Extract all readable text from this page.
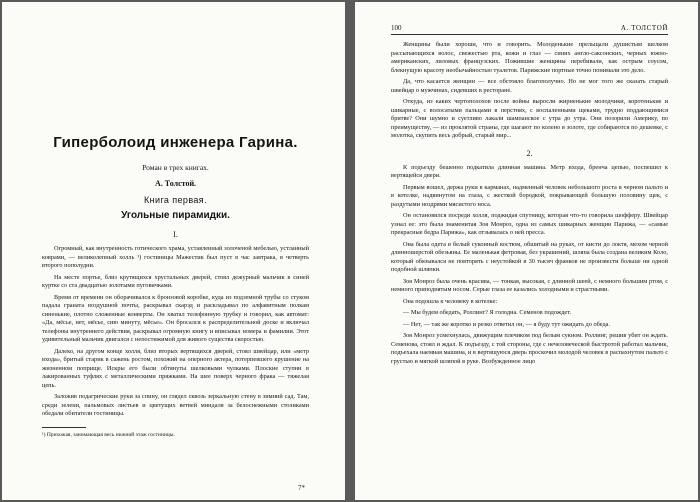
Гиперболоид инженера Гарина.

Роман в трех книгах.

А. Толстой.

Книга первая.

Угольные пирамидки.

I.

Огромный, как внутренность готического храма, уставленный золоченой мебелью, устланный коврами, — великолепный холль ¹) гостиницы Мажестик был пуст в час завтрака, в четверть второго пополудни.

На месте портье, близ крутящихся хрустальных дверей, стоял дежурный мальчик в синей куртке со ста двадцатью золотыми пуговичками.

Время от времени он оборачивался к бронзовой коробке, куда из подземной трубы со стуком падала граната воздушной почты, раскрывал скарэд и раскладывал по алфавитным полкам синенькие, плотно сложенные конверты. Он хватал телефонную трубку и говорил, как автомат: «Да, мёсье, нет, мёсье, сию минуту, мёсье». Он бросался к распределительной доске и включал телефоны внутреннего действия, раскрывал огромную книгу и вписывал номера и фамилии. Этот удивительный мальчик двигался с непостижимой для живого существа скоростью.

Далеко, на другом конце холля, близ вторых вертящихся дверей, стоял швейцар, или «метр входа», бритый старик в сажень ростом, похожий на оперного актера, потерпевшего крушение на жизненном поприще. Искры его были обтянуты шелковыми чулками. Плоские ступни в лакированных туфлях с металлическими пряжками. На шее поверх черного фрака — тяжелая цепь.

Заложив подагрические руки за спину, он глядел сквозь зеркальную стену в зимний сад. Там, среди зелени, пальмовых листьев и цветущих ветвей миндаля за белоснежными столиками обедали обитатели гостиницы.

¹) Прихожая, занимающая весь нижний этаж гостиницы.

7*
100	А. ТОЛСТОЙ

Женщины были хороши, что и говорить. Молоденькие прельщали душистым шелком рассыпающихся волос, свежестью рта, кожи и глаз — синих англо-саксонских, черных южно-американских, лиловых французских. Пожившие женщины перебивали, как острым соусом, блекнущую красоту необычайностью туалетов. Парижские портные точно понимали это дело.

Да, что касается женщин — все обстояло благополучно. Но не мог того же сказать старый швейцар о мужчинах, сидевших в ресторане.

Откуда, из каких чертополохов после войны выросли жирненькие молодчики, коротенькие и шикарные, с волосатыми пальцами в перстнях, с воспаленными щеками, трудно поддающимися бритве? Они шумно и суетливо лакали шампанское с утра до утра. Они позорили Америку, по преимуществу, — из проклятой страны, где шагают по колено в золоте, где собираются по дешевке, с молотка, скупить весь добрый, старый мир...

2.

К подъезду бешенно подкатила длинная машина. Метр входа, бренча цепью, поспешил к вертящейся двери.

Первым вошел, держа руки в карманах, надменный человек небольшого роста в черном пальто и в котелке, надвинутом на глаза, с жесткой бородкой, покрывающей большую половину щек, с раздутыми ноздрями мясистого носа.

Он остановился посреди холля, поджидая спутницу, которая что-то говорила шофферу. Швейцар узнал ее: это была знаменитая Зоя Монроз, одна из самых шикарных женщин Парижа, — «самые прекрасные бедра Парижа», как отзывалась о ней пресса.

Она была одета в белый суконный костюм, обшитый на руках, от кисти до локтя, мехом черной длинношерстой обезьяны. Ее маленькая фетровая, без украшений, шляпа была создана великим Коло, который обязывался не повторять с неустойкой в 30 тысяч франков не произвести больше ни одной подобной шляпки.

Зоя Монроз была очень красива, — тонкая, высокая, с длинной шеей, с немного большим ртом, с немного приподнятым носом. Серые глаза ее казались холодными и страстными.

Она подошла к человеку в котелке:

— Мы будем обедать, Роллинг? Я голодна. Семенов подождет.

— Нет, — так же коротко и резко ответил он, — я буду тут ожидать до обеда.

Зоя Монроз усмехнулась, движущим плечиком под белым сукном. Роллинг, решив убит он ждать. Семенова, стоял и ждал. К подъезду, с той стороны, где с нечеловеческой быстротой работал мальчик, подъехала наемная машина, и в вертящуюся дверь проскочил молодой человек в распахнутом пальто с грустью и мягкой шляпой в руке. Возбужденное лицо
